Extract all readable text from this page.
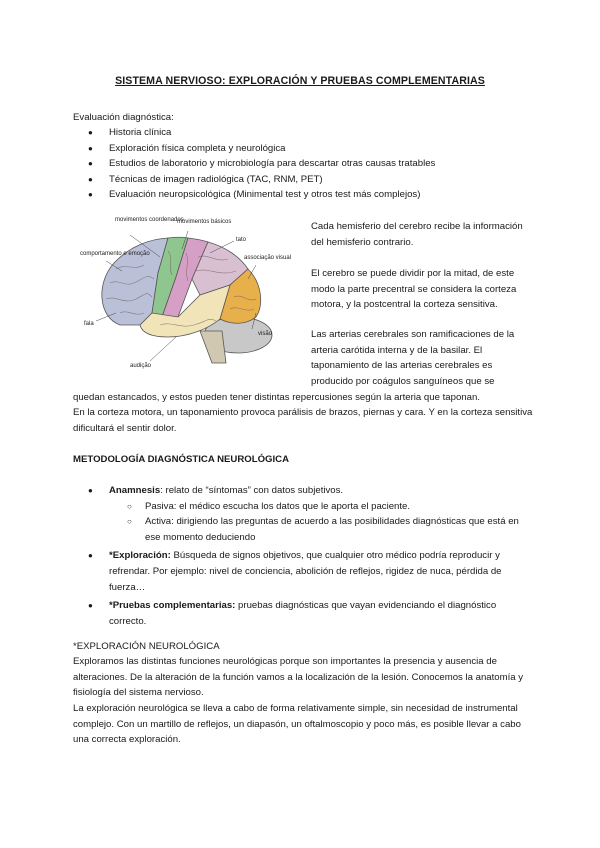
SISTEMA NERVIOSO: EXPLORACIÓN Y PRUEBAS COMPLEMENTARIAS
Evaluación diagnóstica:
● Historia clínica
● Exploración física completa y neurológica
● Estudios de laboratorio y microbiología para descartar otras causas tratables
● Técnicas de imagen radiológica (TAC, RNM, PET)
● Evaluación neuropsicológica (Minimental test y otros test más complejos)
movimentos coordenados
movimentos básicos
tato
comportamento e emoção
associação visual
fala
visão
audição
Cada hemisferio del cerebro recibe la información del hemisferio contrario.
El cerebro se puede dividir por la mitad, de este modo la parte precentral se considera la corteza motora, y la postcentral la corteza sensitiva.
Las arterias cerebrales son ramificaciones de la arteria carótida interna y de la basilar. El taponamiento de las arterias cerebrales es producido por coágulos sanguíneos que se
quedan estancados, y estos pueden tener distintas repercusiones según la arteria que taponan.
En la corteza motora, un taponamiento provoca parálisis de brazos, piernas y cara. Y en la corteza sensitiva dificultará el sentir dolor.
METODOLOGÍA DIAGNÓSTICA NEUROLÓGICA
● Anamnesis: relato de “síntomas” con datos subjetivos.
○ Pasiva: el médico escucha los datos que le aporta el paciente.
○ Activa: dirigiendo las preguntas de acuerdo a las posibilidades diagnósticas que está en ese momento deduciendo
● *Exploración: Búsqueda de signos objetivos, que cualquier otro médico podría reproducir y refrendar. Por ejemplo: nivel de conciencia, abolición de reflejos, rigidez de nuca, pérdida de fuerza…
● *Pruebas complementarias: pruebas diagnósticas que vayan evidenciando el diagnóstico correcto.
*EXPLORACIÓN NEUROLÓGICA
Exploramos las distintas funciones neurológicas porque son importantes la presencia y ausencia de alteraciones. De la alteración de la función vamos a la localización de la lesión. Conocemos la anatomía y fisiología del sistema nervioso.
La exploración neurológica se lleva a cabo de forma relativamente simple, sin necesidad de instrumental complejo. Con un martillo de reflejos, un diapasón, un oftalmoscopio y poco más, es posible llevar a cabo una correcta exploración.
